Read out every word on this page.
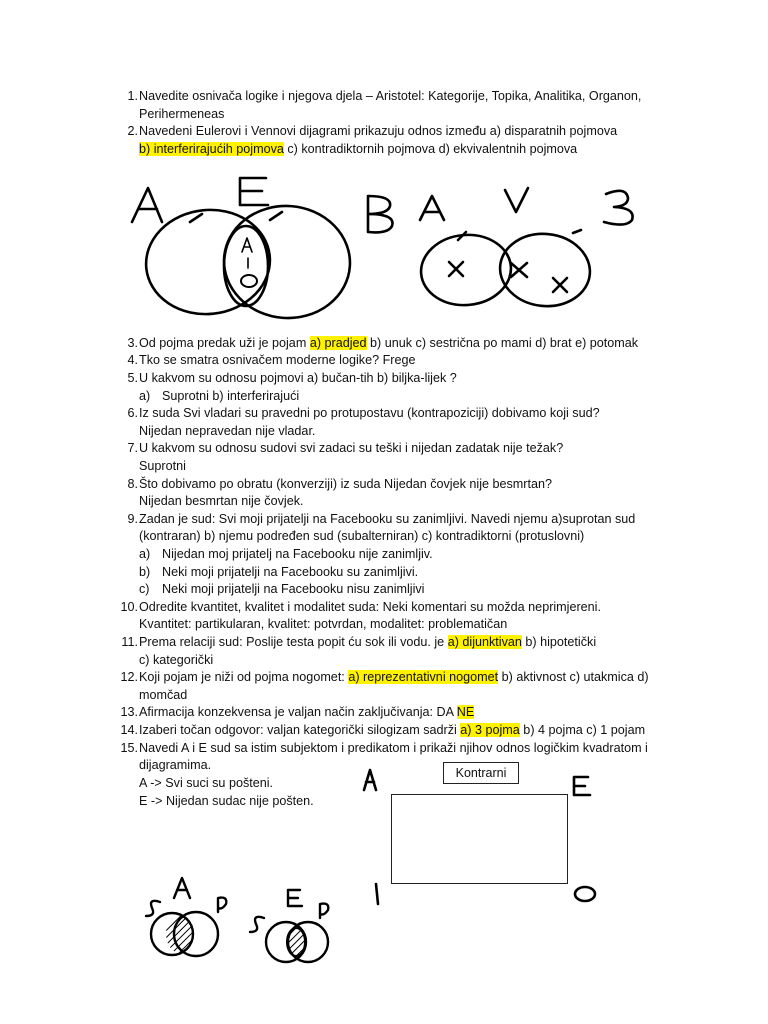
1. Navedite osnivača logike i njegova djela – Aristotel: Kategorije, Topika, Analitika, Organon,
Perihermeneas
2. Navedeni Eulerovi i Vennovi dijagrami prikazuju odnos između a) disparatnih pojmova
b) interferirajućih pojmova c) kontradiktornih pojmova d) ekvivalentnih pojmova
3. Od pojma predak uži je pojam a) pradjed b) unuk c) sestrična po mami d) brat e) potomak
4. Tko se smatra osnivačem moderne logike? Frege
5. U kakvom su odnosu pojmovi a) bučan-tih b) biljka-lijek ?
a) Suprotni b) interferirajući
6. Iz suda Svi vladari su pravedni po protupostavu (kontrapoziciji) dobivamo koji sud?
Nijedan nepravedan nije vladar.
7. U kakvom su odnosu sudovi svi zadaci su teški i nijedan zadatak nije težak?
Suprotni
8. Što dobivamo po obratu (konverziji) iz suda Nijedan čovjek nije besmrtan?
Nijedan besmrtan nije čovjek.
9. Zadan je sud: Svi moji prijatelji na Facebooku su zanimljivi. Navedi njemu a)suprotan sud
(kontraran) b) njemu podređen sud (subalterniran) c) kontradiktorni (protuslovni)
a) Nijedan moj prijatelj na Facebooku nije zanimljiv.
b) Neki moji prijatelji na Facebooku su zanimljivi.
c) Neki moji prijatelji na Facebooku nisu zanimljivi
10. Odredite kvantitet, kvalitet i modalitet suda: Neki komentari su možda neprimjereni.
Kvantitet: partikularan, kvalitet: potvrdan, modalitet: problematičan
11. Prema relaciji sud: Poslije testa popit ću sok ili vodu. je a) dijunktivan b) hipotetički
c) kategorički
12. Koji pojam je niži od pojma nogomet: a) reprezentativni nogomet b) aktivnost c) utakmica d)
momčad
13. Afirmacija konzekvensa je valjan način zaključivanja: DA NE
14. Izaberi točan odgovor: valjan kategorički silogizam sadrži a) 3 pojma b) 4 pojma c) 1 pojam
15. Navedi A i E sud sa istim subjektom i predikatom i prikaži njihov odnos logičkim kvadratom i
dijagramima.
A -> Svi suci su pošteni.
E -> Nijedan sudac nije pošten.
Kontrarni
